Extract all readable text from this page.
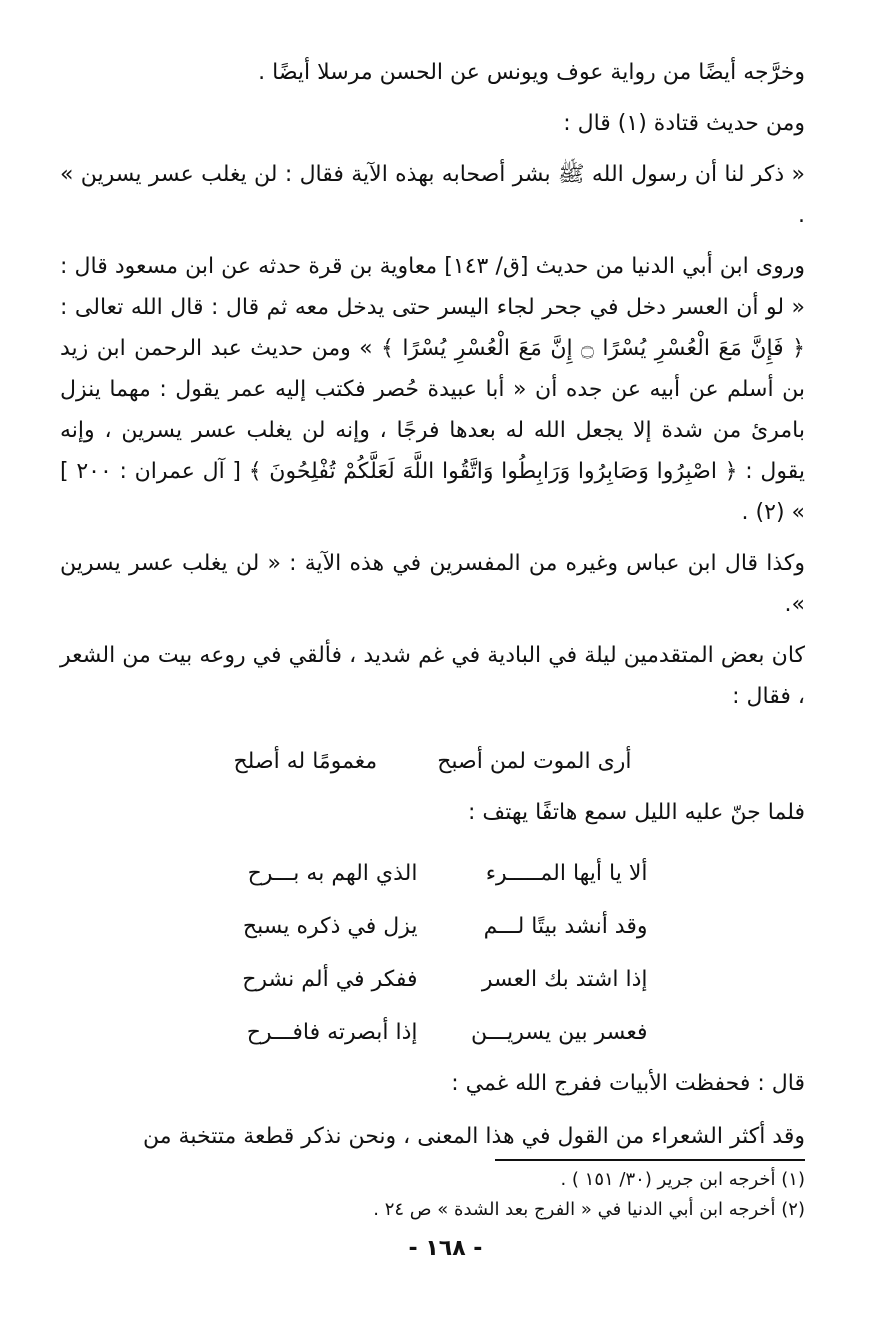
وخرَّجه أيضًا من رواية عوف ويونس عن الحسن مرسلا أيضًا .

ومن حديث قتادة (١) قال :

« ذكر لنا أن رسول الله ﷺ بشر أصحابه بهذه الآية فقال : لن يغلب عسر يسرين » .

وروى ابن أبي الدنيا من حديث [ق/ ١٤٣] معاوية بن قرة حدثه عن ابن مسعود قال : « لو أن العسر دخل في جحر لجاء اليسر حتى يدخل معه ثم قال : قال الله تعالى : ﴿ فَإِنَّ مَعَ الْعُسْرِ يُسْرًا ۝ إِنَّ مَعَ الْعُسْرِ يُسْرًا ﴾ » ومن حديث عبد الرحمن ابن زيد بن أسلم عن أبيه عن جده أن « أبا عبيدة حُصر فكتب إليه عمر يقول : مهما ينزل بامرئ من شدة إلا يجعل الله له بعدها فرجًا ، وإنه لن يغلب عسر يسرين ، وإنه يقول : ﴿ اصْبِرُوا وَصَابِرُوا وَرَابِطُوا وَاتَّقُوا اللَّهَ لَعَلَّكُمْ تُفْلِحُونَ ﴾ [ آل عمران : ٢٠٠ ] » (٢) .

وكذا قال ابن عباس وغيره من المفسرين في هذه الآية : « لن يغلب عسر يسرين ».

كان بعض المتقدمين ليلة في البادية في غم شديد ، فألقي في روعه بيت من الشعر ، فقال :

أرى الموت لمن أصبح
مغمومًا له أصلح

فلما جنّ عليه الليل سمع هاتفًا يهتف :

ألا يا أيها المـــــرء
الذي الهم به بـــرح
وقد أنشد بيتًا لـــم
يزل في ذكره يسبح
إذا اشتد بك العسر
ففكر في ألم نشرح
فعسر بين يسريـــن
إذا أبصرته فافـــرح

قال : فحفظت الأبيات ففرج الله غمي :

وقد أكثر الشعراء من القول في هذا المعنى ، ونحن نذكر قطعة متتخبة من

(١) أخرجه ابن جرير (٣٠/ ١٥١ ) .

(٢) أخرجه ابن أبي الدنيا في « الفرج بعد الشدة » ص ٢٤ .

- ١٦٨ -
